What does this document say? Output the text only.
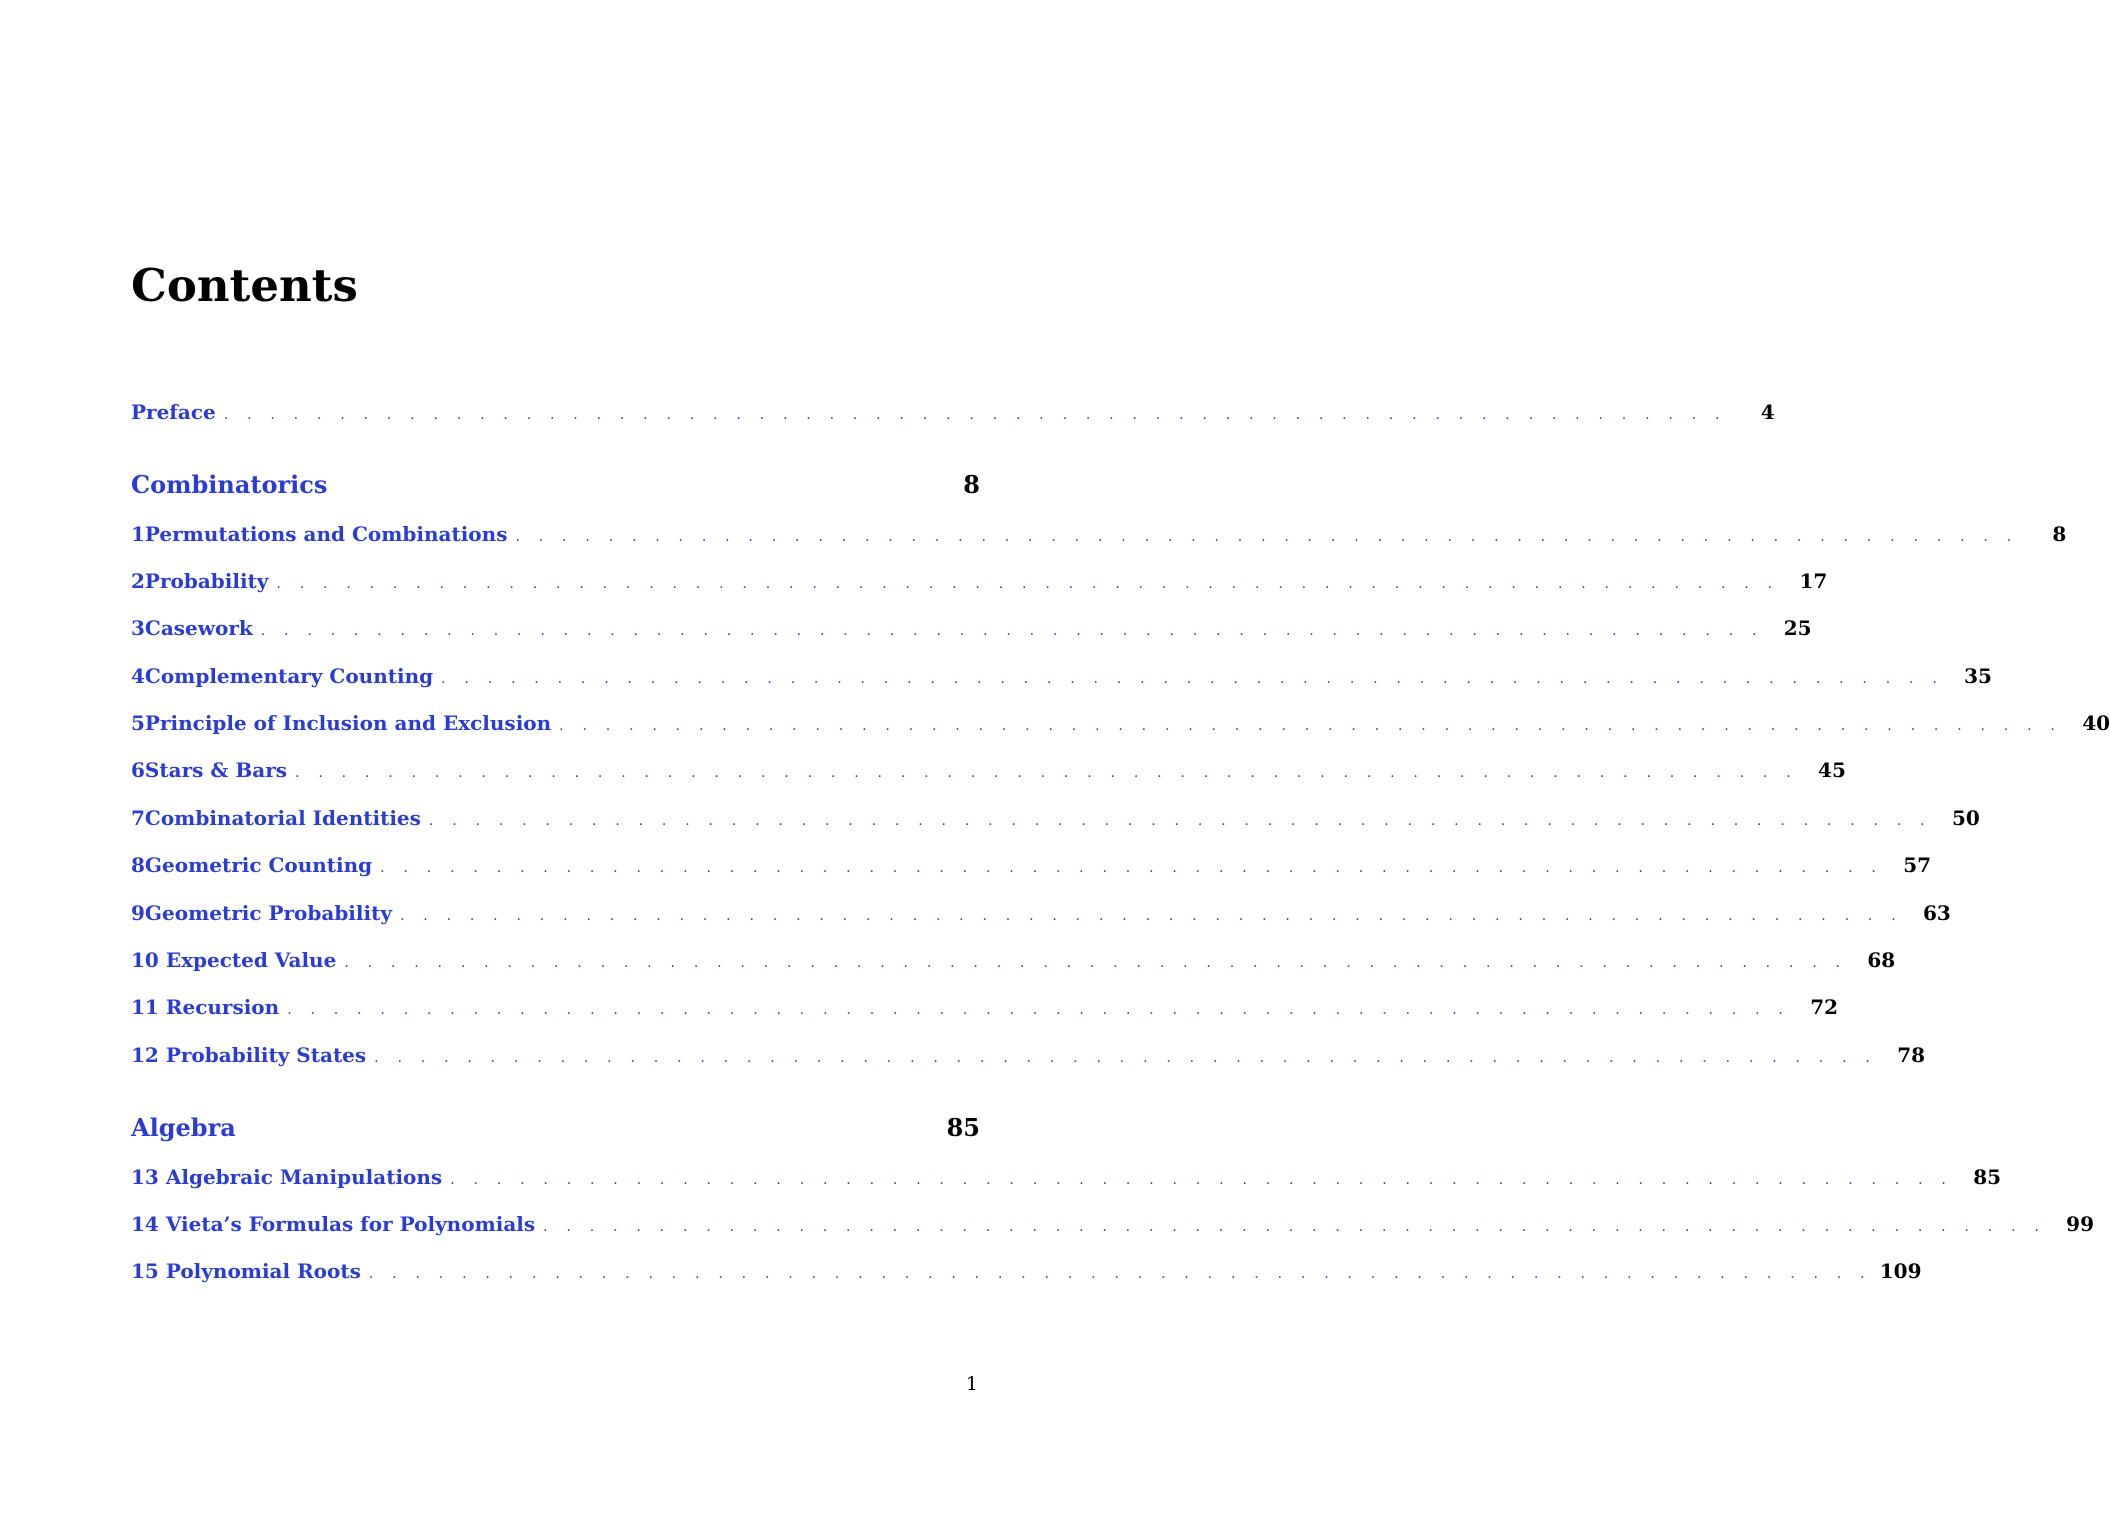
Contents
Preface . . . . . . . . . . . . . . . . . . . . . . . . . . . . . . . . . . . . . . . . . . . . . . . . . . . . . . . . . . . . . . . . .	4
Combinatorics	8
1 Permutations and Combinations . . . . . . . . . . . . . . . . . . . . . . . . . . . . . . . . . . . . . . . . . . . . . . . . . . . . . . . . . . . . . . . . .	8
2 Probability . . . . . . . . . . . . . . . . . . . . . . . . . . . . . . . . . . . . . . . . . . . . . . . . . . . . . . . . . . . . . . . . .	17
3 Casework . . . . . . . . . . . . . . . . . . . . . . . . . . . . . . . . . . . . . . . . . . . . . . . . . . . . . . . . . . . . . . . . .	25
4 Complementary Counting . . . . . . . . . . . . . . . . . . . . . . . . . . . . . . . . . . . . . . . . . . . . . . . . . . . . . . . . . . . . . . . . .	35
5 Principle of Inclusion and Exclusion . . . . . . . . . . . . . . . . . . . . . . . . . . . . . . . . . . . . . . . . . . . . . . . . . . . . . . . . . . . . . . . . .	40
6 Stars & Bars . . . . . . . . . . . . . . . . . . . . . . . . . . . . . . . . . . . . . . . . . . . . . . . . . . . . . . . . . . . . . . . . .	45
7 Combinatorial Identities . . . . . . . . . . . . . . . . . . . . . . . . . . . . . . . . . . . . . . . . . . . . . . . . . . . . . . . . . . . . . . . . .	50
8 Geometric Counting . . . . . . . . . . . . . . . . . . . . . . . . . . . . . . . . . . . . . . . . . . . . . . . . . . . . . . . . . . . . . . . . .	57
9 Geometric Probability . . . . . . . . . . . . . . . . . . . . . . . . . . . . . . . . . . . . . . . . . . . . . . . . . . . . . . . . . . . . . . . . .	63
10 Expected Value . . . . . . . . . . . . . . . . . . . . . . . . . . . . . . . . . . . . . . . . . . . . . . . . . . . . . . . . . . . . . . . . .	68
11 Recursion . . . . . . . . . . . . . . . . . . . . . . . . . . . . . . . . . . . . . . . . . . . . . . . . . . . . . . . . . . . . . . . . .	72
12 Probability States . . . . . . . . . . . . . . . . . . . . . . . . . . . . . . . . . . . . . . . . . . . . . . . . . . . . . . . . . . . . . . . . .	78
Algebra	85
13 Algebraic Manipulations . . . . . . . . . . . . . . . . . . . . . . . . . . . . . . . . . . . . . . . . . . . . . . . . . . . . . . . . . . . . . . . . .	85
14 Vieta’s Formulas for Polynomials . . . . . . . . . . . . . . . . . . . . . . . . . . . . . . . . . . . . . . . . . . . . . . . . . . . . . . . . . . . . . . . . .	99
15 Polynomial Roots . . . . . . . . . . . . . . . . . . . . . . . . . . . . . . . . . . . . . . . . . . . . . . . . . . . . . . . . . . . . . . . . . 109
1
